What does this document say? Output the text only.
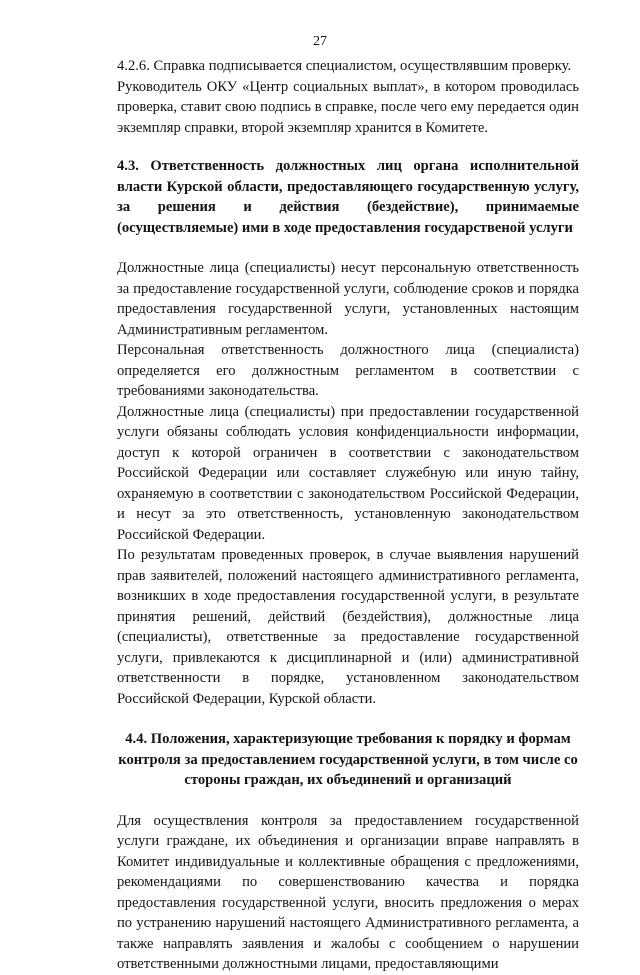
27

4.2.6. Справка подписывается специалистом, осуществлявшим проверку.

Руководитель ОКУ «Центр социальных выплат», в котором проводилась проверка, ставит свою подпись в справке, после чего ему передается один экземпляр справки, второй экземпляр хранится в Комитете.

4.3. Ответственность должностных лиц органа исполнительной власти Курской области, предоставляющего государственную услугу, за решения и действия (бездействие), принимаемые (осуществляемые) ими в ходе предоставления государственой услуги

Должностные лица (специалисты) несут персональную ответственность за предоставление государственной услуги, соблюдение сроков и порядка предоставления государственной услуги, установленных настоящим Административным регламентом.

Персональная ответственность должностного лица (специалиста) определяется его должностным регламентом в соответствии с требованиями законодательства.

Должностные лица (специалисты) при предоставлении государственной услуги обязаны соблюдать условия конфиденциальности информации, доступ к которой ограничен в соответствии с законодательством Российской Федерации или составляет служебную или иную тайну, охраняемую в соответствии с законодательством Российской Федерации, и несут за это ответственность, установленную законодательством Российской Федерации.

По результатам проведенных проверок, в случае выявления нарушений прав заявителей, положений настоящего административного регламента, возникших в ходе предоставления государственной услуги, в результате принятия решений, действий (бездействия), должностные лица (специалисты), ответственные за предоставление государственной услуги, привлекаются к дисциплинарной и (или) административной ответственности в порядке, установленном законодательством Российской Федерации, Курской области.

4.4. Положения, характеризующие требования к порядку и формам контроля за предоставлением государственной услуги, в том числе со стороны граждан, их объединений и организаций

Для осуществления контроля за предоставлением государственной услуги граждане, их объединения и организации вправе направлять в Комитет индивидуальные и коллективные обращения с предложениями, рекомендациями по совершенствованию качества и порядка предоставления государственной услуги, вносить предложения о мерах по устранению нарушений настоящего Административного регламента, а также направлять заявления и жалобы с сообщением о нарушении ответственными должностными лицами, предоставляющими
